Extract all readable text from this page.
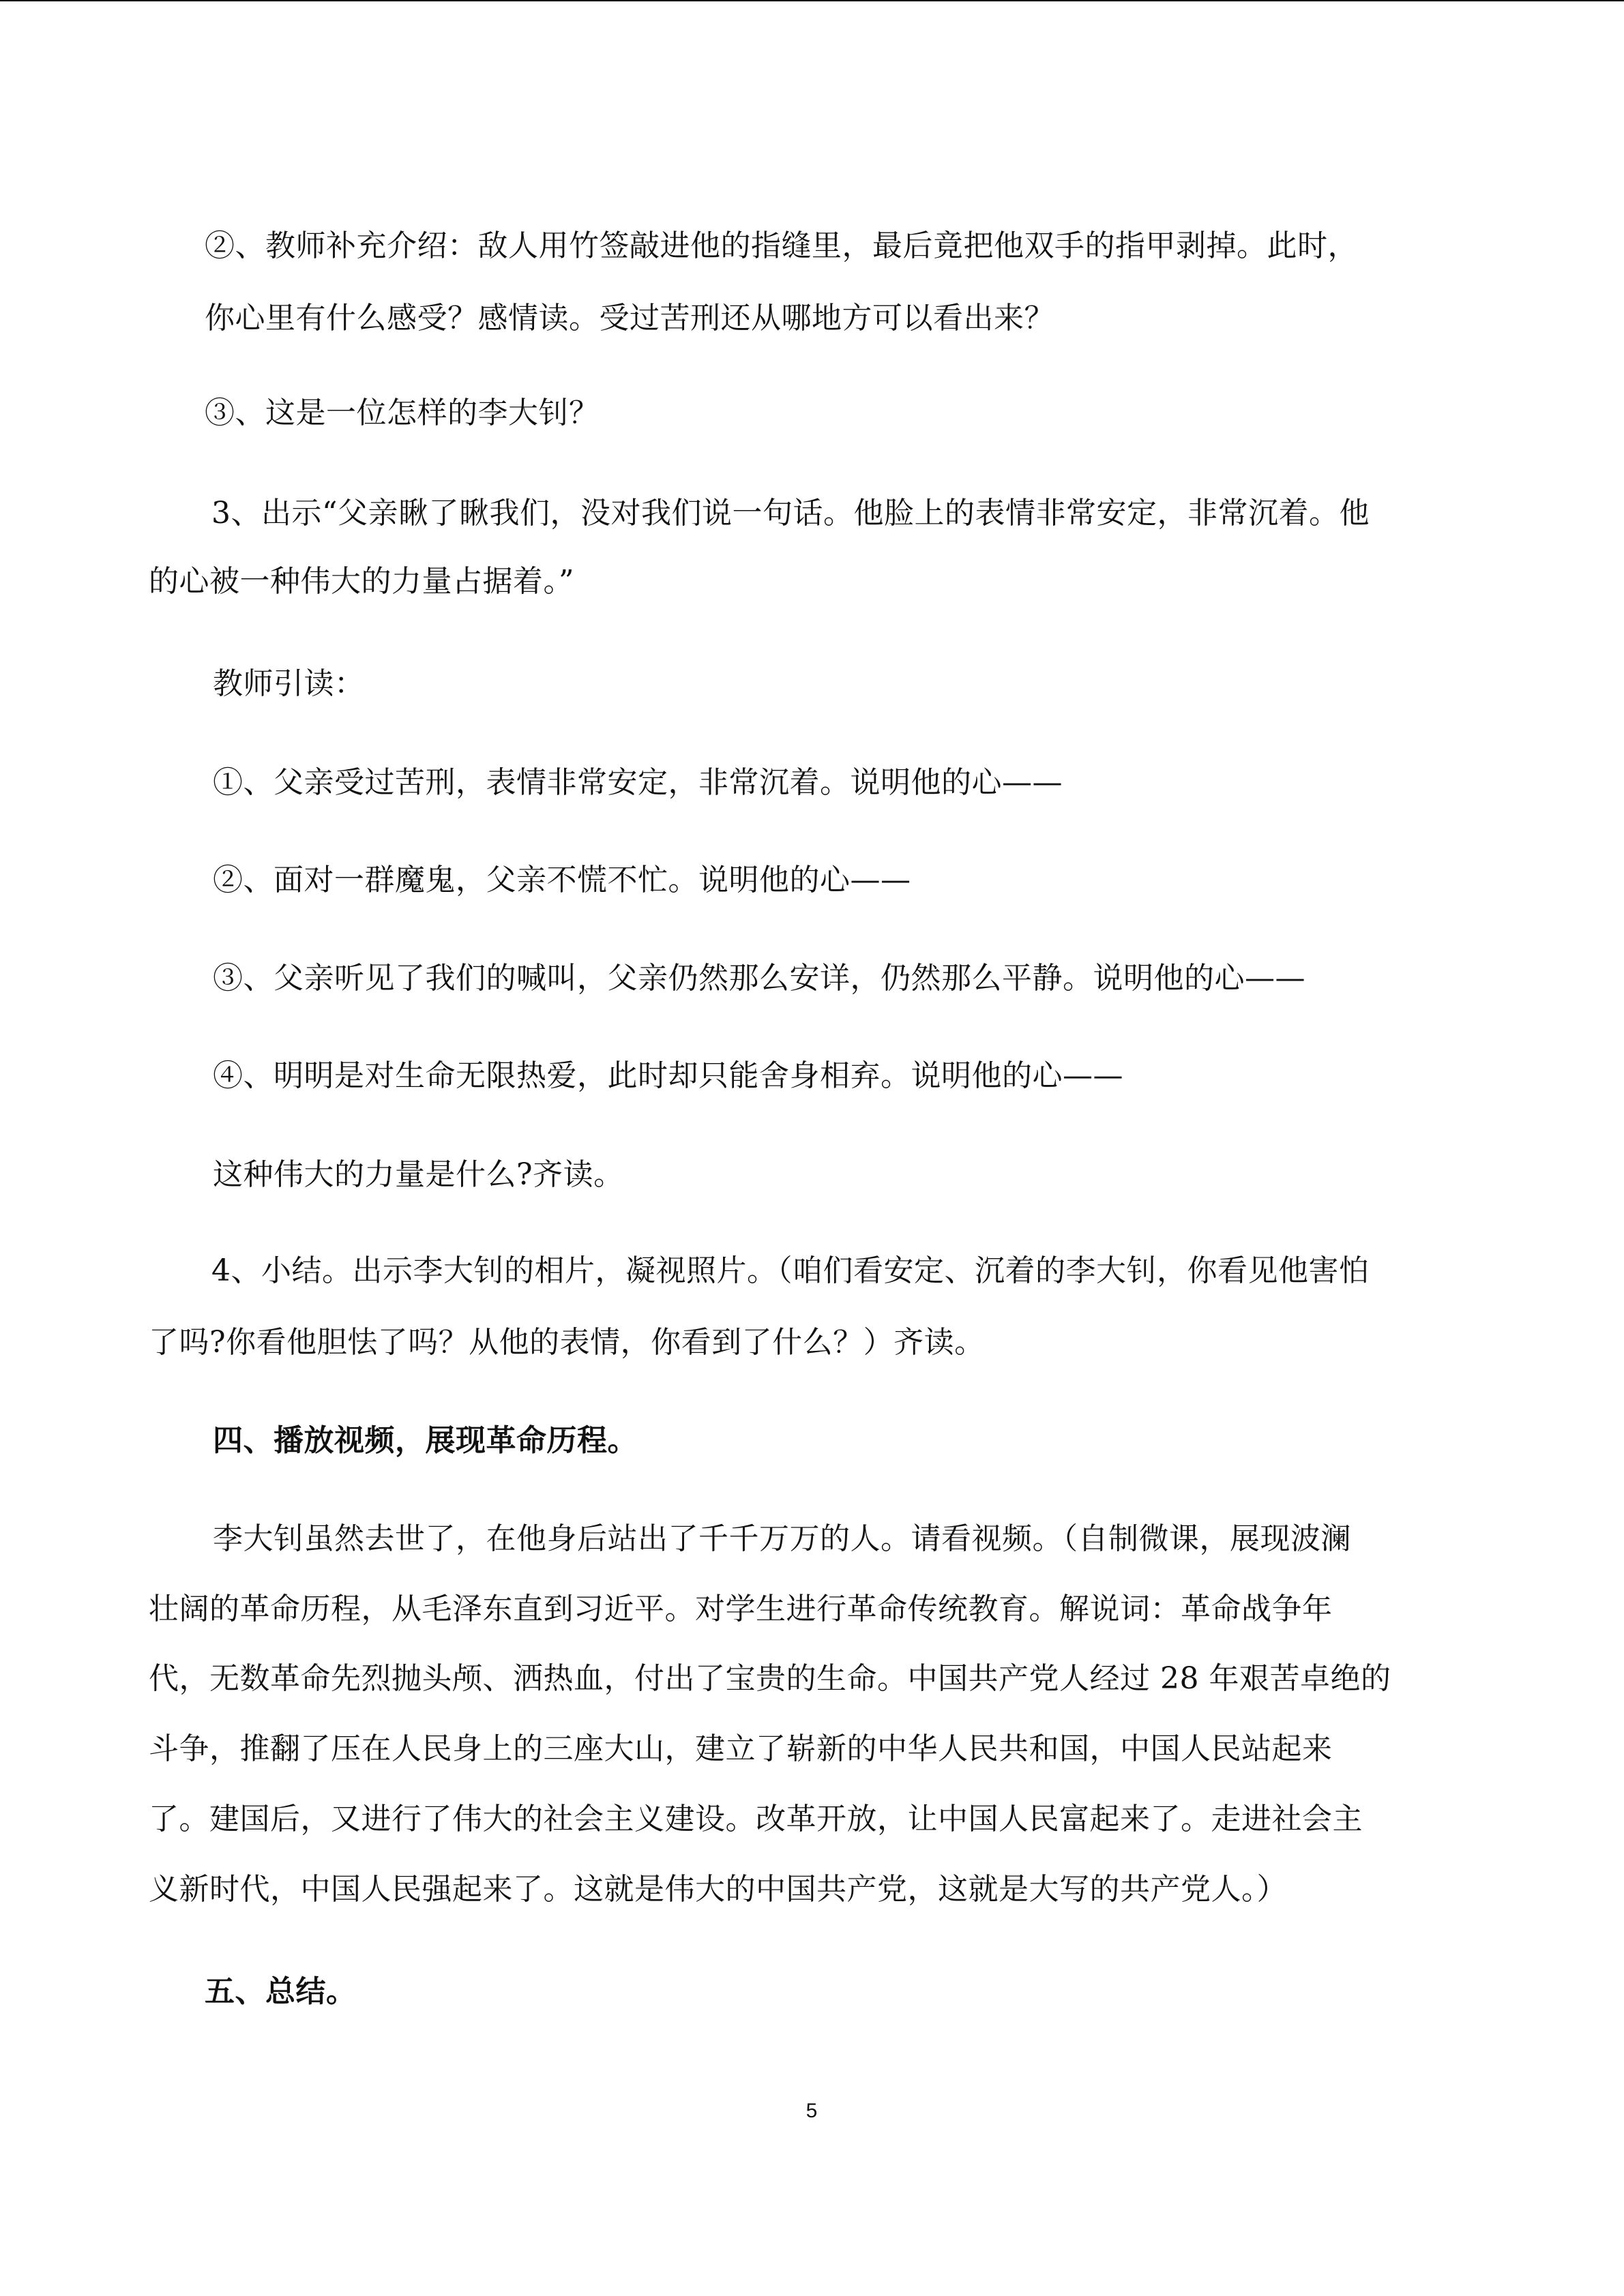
②、教师补充介绍：敌人用竹签敲进他的指缝里，最后竟把他双手的指甲剥掉。此时，
你心里有什么感受？感情读。受过苦刑还从哪地方可以看出来？
③、这是一位怎样的李大钊？
3、出示“父亲瞅了瞅我们，没对我们说一句话。他脸上的表情非常安定，非常沉着。他
的心被一种伟大的力量占据着。”
教师引读：
①、父亲受过苦刑，表情非常安定，非常沉着。说明他的心——
②、面对一群魔鬼，父亲不慌不忙。说明他的心——
③、父亲听见了我们的喊叫，父亲仍然那么安详，仍然那么平静。说明他的心——
④、明明是对生命无限热爱，此时却只能舍身相弃。说明他的心——
这种伟大的力量是什么?齐读。
4、小结。出示李大钊的相片，凝视照片。（咱们看安定、沉着的李大钊，你看见他害怕
了吗?你看他胆怯了吗？从他的表情，你看到了什么？）齐读。
四、播放视频，展现革命历程。
李大钊虽然去世了，在他身后站出了千千万万的人。请看视频。（自制微课，展现波澜
壮阔的革命历程，从毛泽东直到习近平。对学生进行革命传统教育。解说词：革命战争年
代，无数革命先烈抛头颅、洒热血，付出了宝贵的生命。中国共产党人经过 28 年艰苦卓绝的
斗争，推翻了压在人民身上的三座大山，建立了崭新的中华人民共和国，中国人民站起来
了。建国后，又进行了伟大的社会主义建设。改革开放，让中国人民富起来了。走进社会主
义新时代，中国人民强起来了。这就是伟大的中国共产党，这就是大写的共产党人。）
五、总结。
5
